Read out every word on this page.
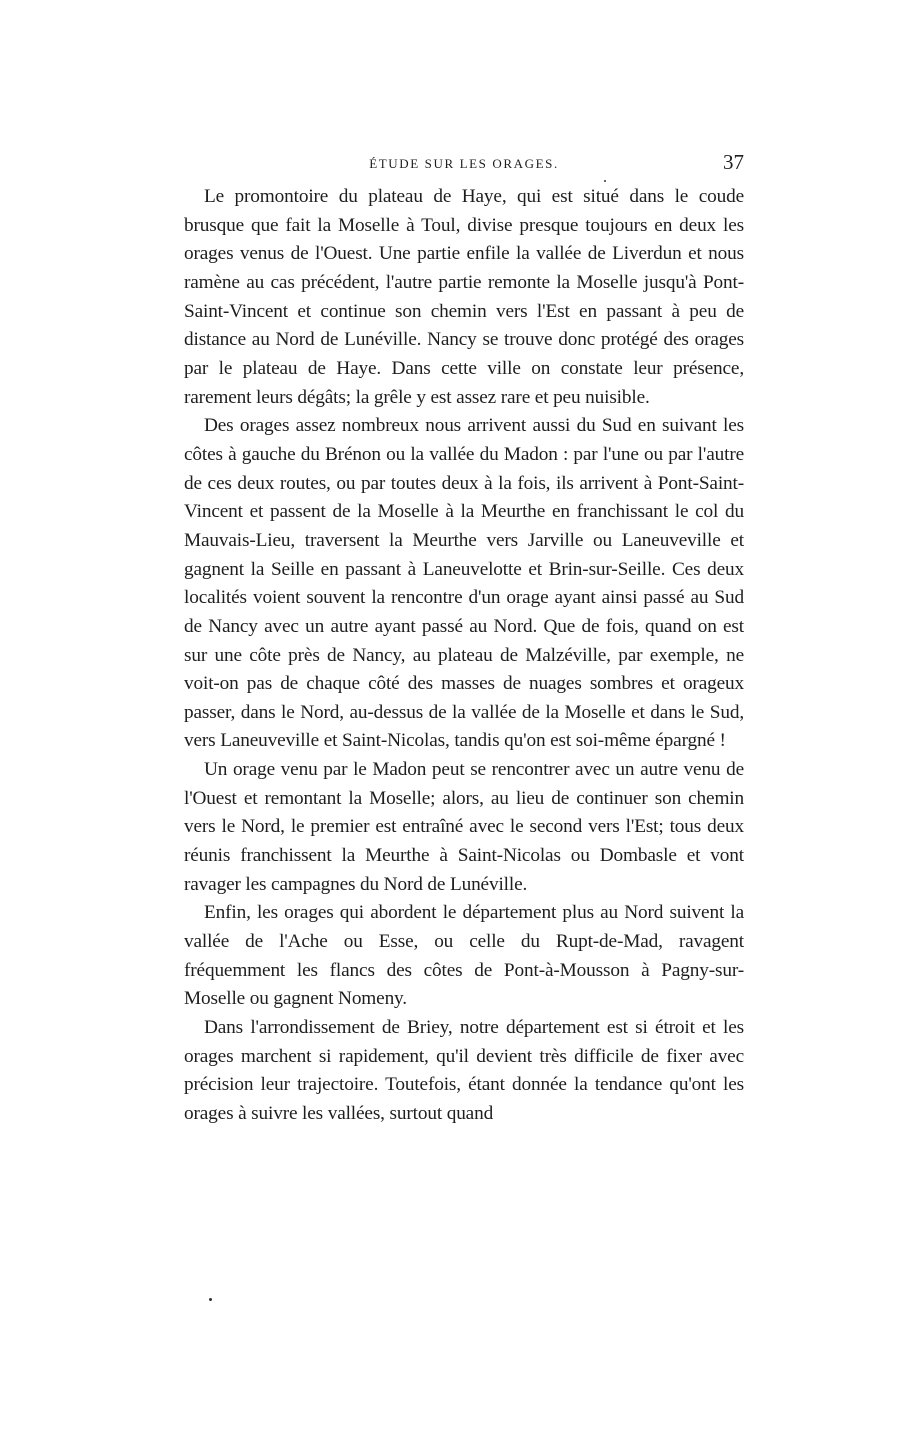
ÉTUDE SUR LES ORAGES.	37

Le promontoire du plateau de Haye, qui est situé dans le coude brusque que fait la Moselle à Toul, divise presque toujours en deux les orages venus de l'Ouest. Une partie enfile la vallée de Liverdun et nous ramène au cas précédent, l'autre partie remonte la Moselle jusqu'à Pont-Saint-Vincent et continue son chemin vers l'Est en passant à peu de distance au Nord de Lunéville. Nancy se trouve donc protégé des orages par le plateau de Haye. Dans cette ville on constate leur présence, rarement leurs dégâts; la grêle y est assez rare et peu nuisible.

Des orages assez nombreux nous arrivent aussi du Sud en suivant les côtes à gauche du Brénon ou la vallée du Madon : par l'une ou par l'autre de ces deux routes, ou par toutes deux à la fois, ils arrivent à Pont-Saint-Vincent et passent de la Moselle à la Meurthe en franchissant le col du Mauvais-Lieu, traversent la Meurthe vers Jarville ou Laneuveville et gagnent la Seille en passant à Laneuvelotte et Brin-sur-Seille. Ces deux localités voient souvent la rencontre d'un orage ayant ainsi passé au Sud de Nancy avec un autre ayant passé au Nord. Que de fois, quand on est sur une côte près de Nancy, au plateau de Malzéville, par exemple, ne voit-on pas de chaque côté des masses de nuages sombres et orageux passer, dans le Nord, au-dessus de la vallée de la Moselle et dans le Sud, vers Laneuveville et Saint-Nicolas, tandis qu'on est soi-même épargné !

Un orage venu par le Madon peut se rencontrer avec un autre venu de l'Ouest et remontant la Moselle; alors, au lieu de continuer son chemin vers le Nord, le premier est entraîné avec le second vers l'Est; tous deux réunis franchissent la Meurthe à Saint-Nicolas ou Dombasle et vont ravager les campagnes du Nord de Lunéville.

Enfin, les orages qui abordent le département plus au Nord suivent la vallée de l'Ache ou Esse, ou celle du Rupt-de-Mad, ravagent fréquemment les flancs des côtes de Pont-à-Mousson à Pagny-sur-Moselle ou gagnent Nomeny.

Dans l'arrondissement de Briey, notre département est si étroit et les orages marchent si rapidement, qu'il devient très difficile de fixer avec précision leur trajectoire. Toutefois, étant donnée la tendance qu'ont les orages à suivre les vallées, surtout quand
